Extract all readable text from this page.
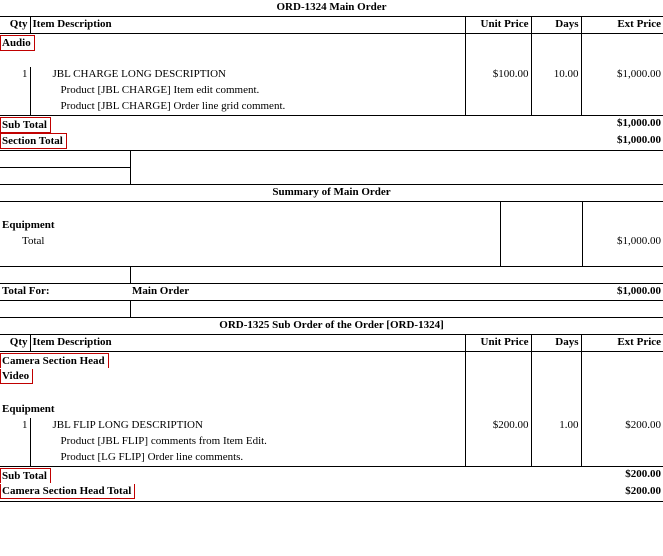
ORD-1324 Main Order				
Qty	Item Description	Unit Price	Days	Ext Price
Audio				

1	JBL CHARGE LONG DESCRIPTION	$100.00	10.00	$1,000.00
	Product [JBL CHARGE] Item edit comment.			
	Product [JBL CHARGE] Order line grid comment.			
Sub Total				$1,000.00
Section Total				$1,000.00

Summary of Main Order		

Equipment		
Total		$1,000.00

Total For:	Main Order		$1,000.00

ORD-1325 Sub Order of the Order [ORD-1324]				
Qty	Item Description	Unit Price	Days	Ext Price
Camera Section Head				
Video				

Equipment				
1	JBL FLIP LONG DESCRIPTION	$200.00	1.00	$200.00
	Product [JBL FLIP] comments from Item Edit.			
	Product [LG FLIP] Order line comments.			
Sub Total				$200.00
Camera Section Head Total				$200.00
